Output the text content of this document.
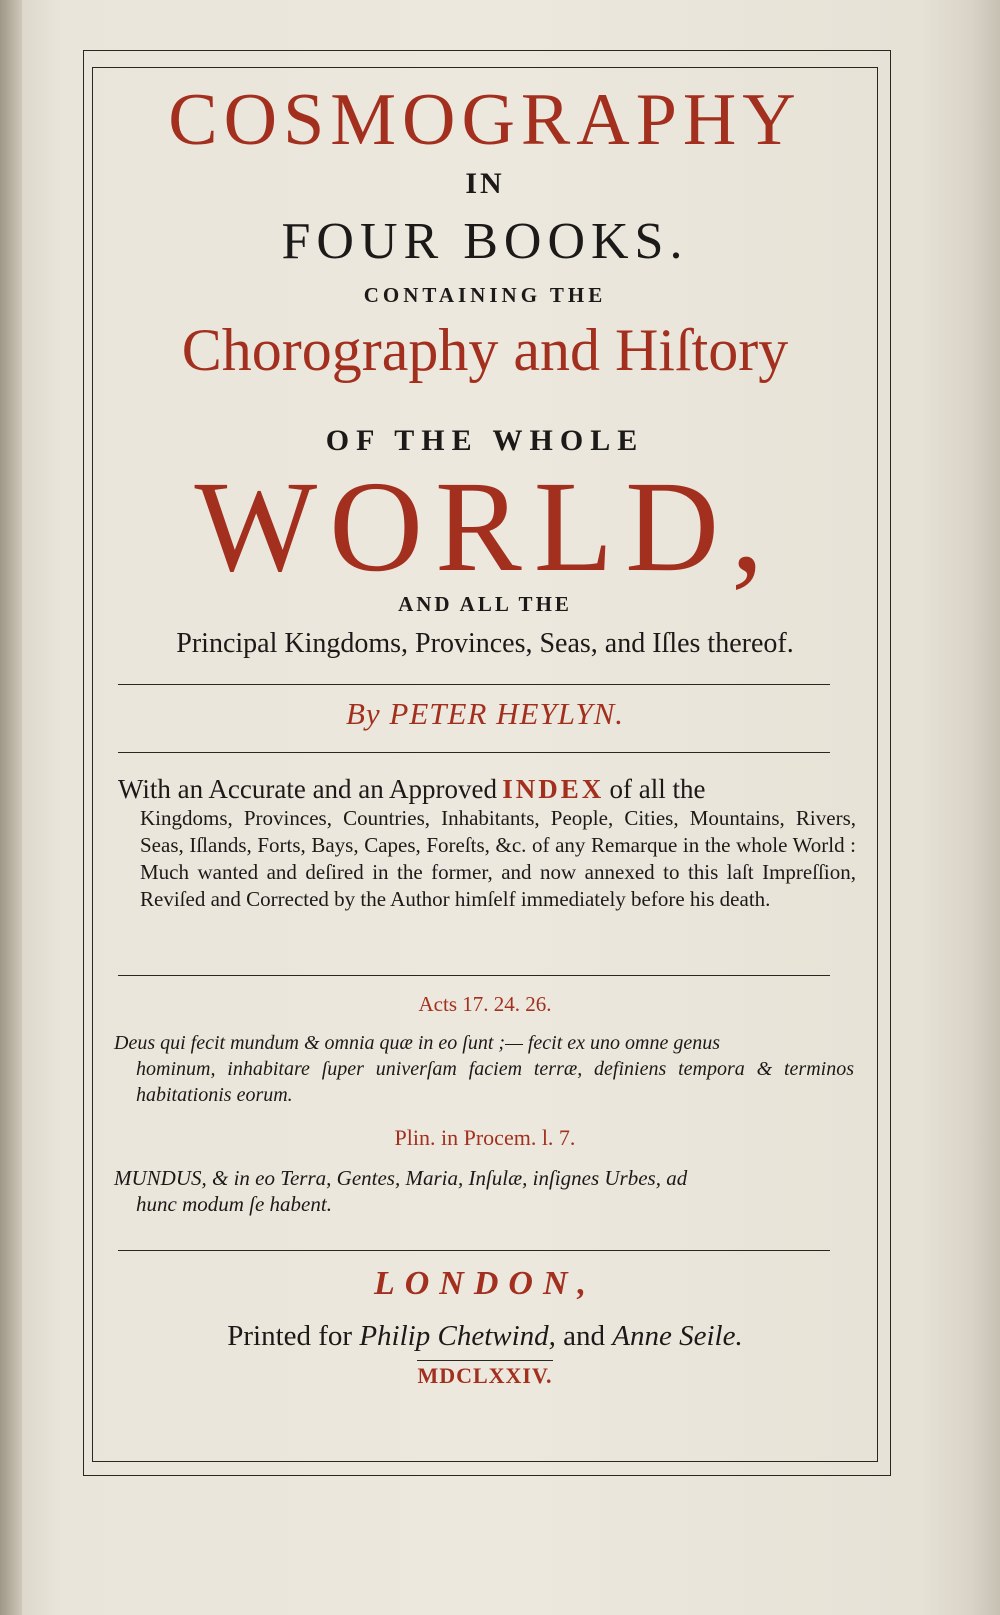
COSMOGRAPHY
IN
FOUR BOOKS.
CONTAINING THE
Chorography and Hiſtory
OF THE WHOLE
WORLD,
AND ALL THE
Principal Kingdoms, Provinces, Seas, and Iſles thereof.
By PETER HEYLYN.
With an Accurate and an Approved INDEX of all the
Kingdoms, Provinces, Countries, Inhabitants, People, Cities, Mountains, Rivers, Seas, Iſlands, Forts, Bays, Capes, Foreſts, &c. of any Remarque in the whole World : Much wanted and deſired in the former, and now annexed to this laſt Impreſſion, Reviſed and Corrected by the Author himſelf immediately before his death.
Acts 17. 24. 26.
Deus qui fecit mundum & omnia quæ in eo ſunt ;— fecit ex uno omne genus
hominum, inhabitare ſuper univerſam faciem terræ, definiens tempora & terminos habitationis eorum.
Plin. in Procem. l. 7.
MUNDUS, & in eo Terra, Gentes, Maria, Inſulæ, inſignes Urbes, ad
hunc modum ſe habent.
LONDON,
Printed for Philip Chetwind, and Anne Seile.
MDCLXXIV.
